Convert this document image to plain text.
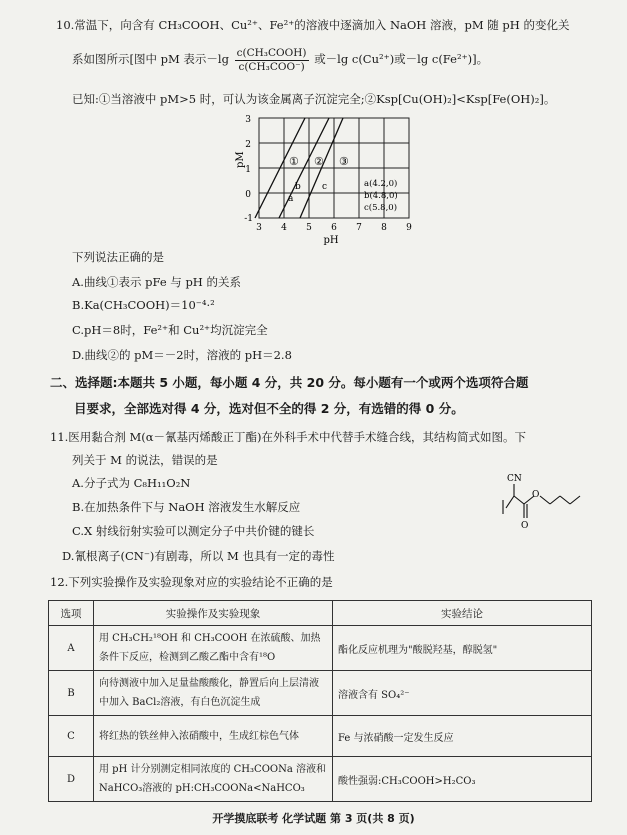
10.常温下，向含有 CH₃COOH、Cu²⁺、Fe²⁺的溶液中逐滴加入 NaOH 溶液，pM 随 pH 的变化关
系如图所示[图中 pM 表示$-\lg \frac{\text{c(CH₃COOH)}}{\text{c(CH₃COO⁻)}}$ 或－lg c(Cu²⁺)或－lg c(Fe²⁺)]。
已知:①当溶液中 pM>5 时，可认为该金属离子沉淀完全;②Ksp[Cu(OH)₂]<Ksp[Fe(OH)₂]。
① ② ③
a
b c	a(4.2,0)
b(4.8,0)
c(5.8,0)
3
2
1
0
-1
3 4 5 6 7 8 9
pH
pM
下列说法正确的是
A.曲线①表示 pFe 与 pH 的关系
B.Ka(CH₃COOH)＝10⁻⁴·²
C.pH＝8时，Fe²⁺和 Cu²⁺均沉淀完全
D.曲线②的 pM＝－2时，溶液的 pH＝2.8
二、选择题:本题共 5 小题，每小题 4 分，共 20 分。每小题有一个或两个选项符合题
目要求，全部选对得 4 分，选对但不全的得 2 分，有选错的得 0 分。
11.医用黏合剂 M(α－氰基丙烯酸正丁酯)在外科手术中代替手术缝合线，其结构简式如图。下
列关于 M 的说法，错误的是
A.分子式为 C₈H₁₁O₂N
B.在加热条件下与 NaOH 溶液发生水解反应
C.X 射线衍射实验可以测定分子中共价键的键长
D.氰根离子(CN⁻)有剧毒，所以 M 也具有一定的毒性
CN
O
O
12.下列实验操作及实验现象对应的实验结论不正确的是
选项	实验操作及实验现象	实验结论
A	用 CH₃CH₂¹⁸OH 和 CH₃COOH 在浓硫酸、加热条件下反应，检测到乙酸乙酯中含有¹⁸O	酯化反应机理为"酸脱羟基，醇脱氢"
B	向待测液中加入足量盐酸酸化，静置后向上层清液中加入 BaCl₂溶液，有白色沉淀生成	溶液含有 SO₄²⁻
C	将红热的铁丝伸入浓硝酸中，生成红棕色气体	Fe 与浓硝酸一定发生反应
D	用 pH 计分别测定相同浓度的 CH₃COONa 溶液和 NaHCO₃溶液的 pH:CH₃COONa<NaHCO₃	酸性强弱:CH₃COOH>H₂CO₃
开学摸底联考 化学试题 第 3 页(共 8 页)
